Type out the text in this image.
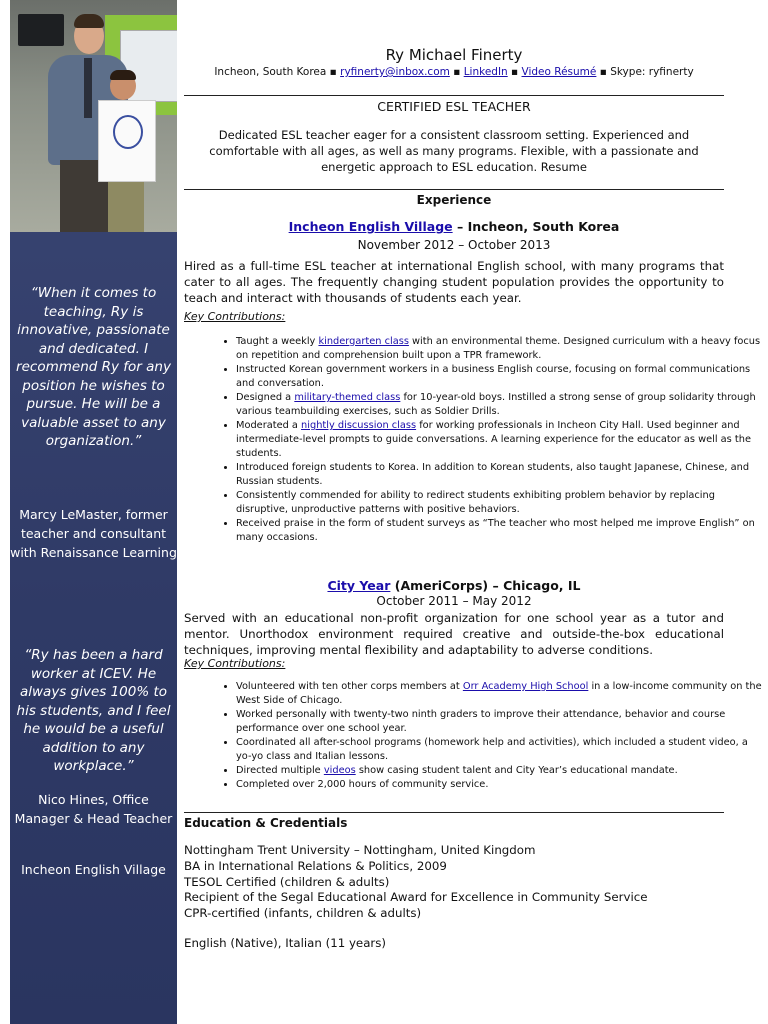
“When it comes to teaching, Ry is innovative, passionate and dedicated. I recommend Ry for any position he wishes to pursue. He will be a valuable asset to any organization.”
Marcy LeMaster, former teacher and consultant with Renaissance Learning
“Ry has been a hard worker at ICEV. He always gives 100% to his students, and I feel he would be a useful addition to any workplace.”
Nico Hines, Office Manager & Head Teacher
Incheon English Village
Ry Michael Finerty
Incheon, South Korea ▪ ryfinerty@inbox.com ▪ LinkedIn ▪ Video Résumé ▪ Skype: ryfinerty
CERTIFIED ESL TEACHER
Dedicated ESL teacher eager for a consistent classroom setting. Experienced and comfortable with all ages, as well as many programs. Flexible, with a passionate and energetic approach to ESL education. Resume
Experience
Incheon English Village – Incheon, South Korea
November 2012 – October 2013
Hired as a full-time ESL teacher at international English school, with many programs that cater to all ages. The frequently changing student population provides the opportunity to teach and interact with thousands of students each year.
Key Contributions:
• Taught a weekly kindergarten class with an environmental theme. Designed curriculum with a heavy focus on repetition and comprehension built upon a TPR framework.
• Instructed Korean government workers in a business English course, focusing on formal communications and conversation.
• Designed a military-themed class for 10-year-old boys. Instilled a strong sense of group solidarity through various teambuilding exercises, such as Soldier Drills.
• Moderated a nightly discussion class for working professionals in Incheon City Hall. Used beginner and intermediate-level prompts to guide conversations. A learning experience for the educator as well as the students.
• Introduced foreign students to Korea. In addition to Korean students, also taught Japanese, Chinese, and Russian students.
• Consistently commended for ability to redirect students exhibiting problem behavior by replacing disruptive, unproductive patterns with positive behaviors.
• Received praise in the form of student surveys as “The teacher who most helped me improve English” on many occasions.
City Year (AmeriCorps) – Chicago, IL
October 2011 – May 2012
Served with an educational non-profit organization for one school year as a tutor and mentor. Unorthodox environment required creative and outside-the-box educational techniques, improving mental flexibility and adaptability to adverse conditions.
Key Contributions:
• Volunteered with ten other corps members at Orr Academy High School in a low-income community on the West Side of Chicago.
• Worked personally with twenty-two ninth graders to improve their attendance, behavior and course performance over one school year.
• Coordinated all after-school programs (homework help and activities), which included a student video, a yo-yo class and Italian lessons.
• Directed multiple videos show casing student talent and City Year’s educational mandate.
• Completed over 2,000 hours of community service.
Education & Credentials
Nottingham Trent University – Nottingham, United Kingdom
BA in International Relations & Politics, 2009
TESOL Certified (children & adults)
Recipient of the Segal Educational Award for Excellence in Community Service
CPR-certified (infants, children & adults)
English (Native), Italian (11 years)
